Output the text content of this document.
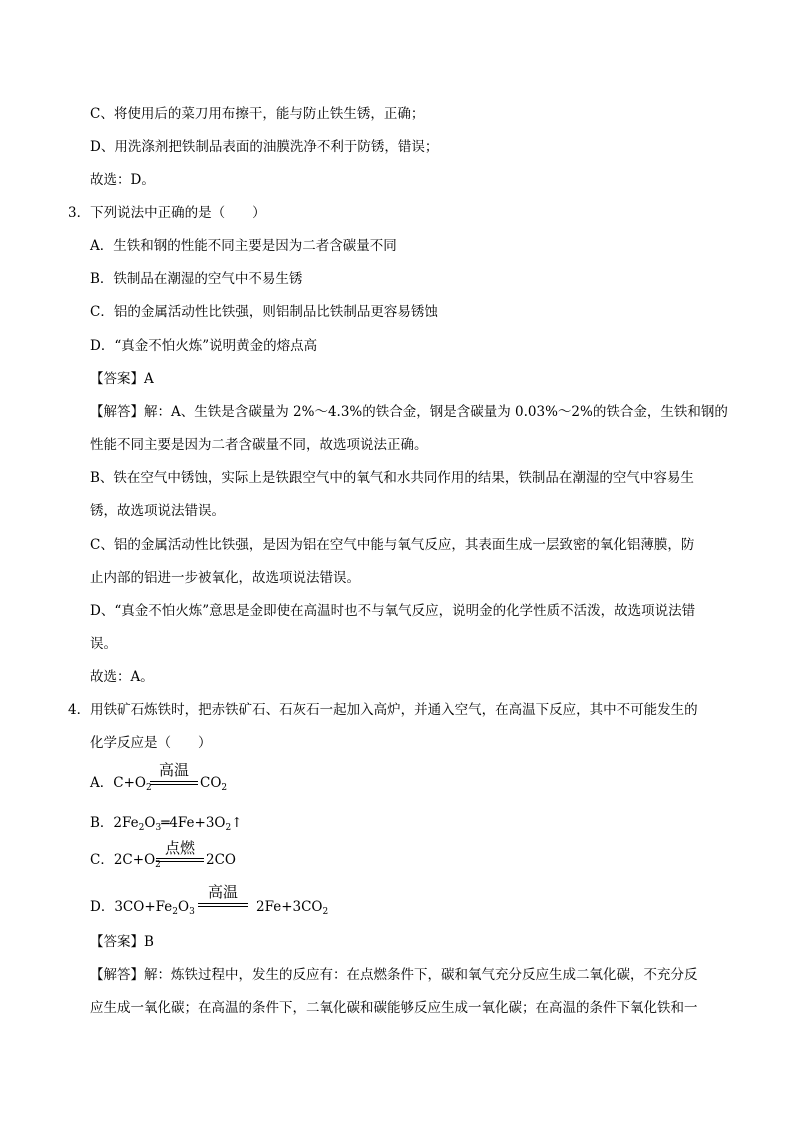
C、将使用后的菜刀用布擦干，能与防止铁生锈，正确；
D、用洗涤剂把铁制品表面的油膜洗净不利于防锈，错误；
故选：D。
3．下列说法中正确的是（　　）
A．生铁和钢的性能不同主要是因为二者含碳量不同
B．铁制品在潮湿的空气中不易生锈
C．铝的金属活动性比铁强，则铝制品比铁制品更容易锈蚀
D．“真金不怕火炼”说明黄金的熔点高
【答案】A
【解答】解：A、生铁是含碳量为 2%～4.3%的铁合金，钢是含碳量为 0.03%～2%的铁合金，生铁和钢的
性能不同主要是因为二者含碳量不同，故选项说法正确。
B、铁在空气中锈蚀，实际上是铁跟空气中的氧气和水共同作用的结果，铁制品在潮湿的空气中容易生
锈，故选项说法错误。
C、铝的金属活动性比铁强，是因为铝在空气中能与氧气反应，其表面生成一层致密的氧化铝薄膜，防
止内部的铝进一步被氧化，故选项说法错误。
D、“真金不怕火炼”意思是金即使在高温时也不与氧气反应，说明金的化学性质不活泼，故选项说法错
误。
故选：A。
4．用铁矿石炼铁时，把赤铁矿石、石灰石一起加入高炉，并通入空气，在高温下反应，其中不可能发生的
化学反应是（　　）
A．$C+O_2$
高温
$CO_2$
B．$2Fe_2O_3═4Fe+3O_2↑$
C．$2C+O_2$
点燃
2CO
D．$3CO+Fe_2O_3$
高温
$2Fe+3CO_2$
【答案】B
【解答】解：炼铁过程中，发生的反应有：在点燃条件下，碳和氧气充分反应生成二氧化碳，不充分反
应生成一氧化碳；在高温的条件下，二氧化碳和碳能够反应生成一氧化碳；在高温的条件下氧化铁和一
